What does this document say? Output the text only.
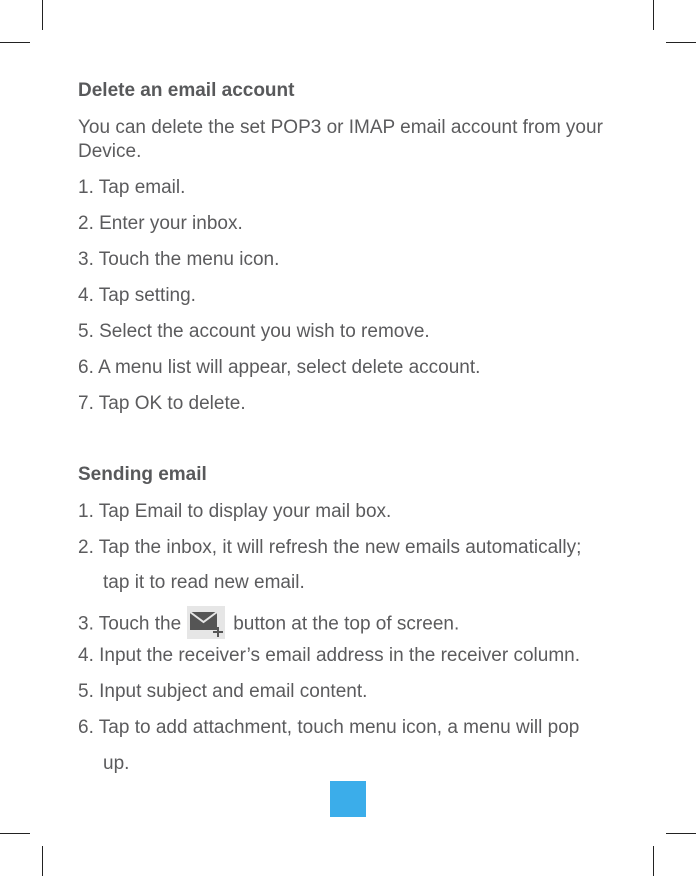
Delete an email account
You can delete the set POP3 or IMAP email account from your
Device.
1. Tap email.
2. Enter your inbox.
3. Touch the menu icon.
4. Tap setting.
5. Select the account you wish to remove.
6. A menu list will appear, select delete account.
7. Tap OK to delete.
Sending email
1. Tap Email to display your mail box.
2. Tap the inbox, it will refresh the new emails automatically;
tap it to read new email.
3. Touch the	button at the top of screen.
4. Input the receiver’s email address in the receiver column.
5. Input subject and email content.
6. Tap to add attachment, touch menu icon, a menu will pop
up.
